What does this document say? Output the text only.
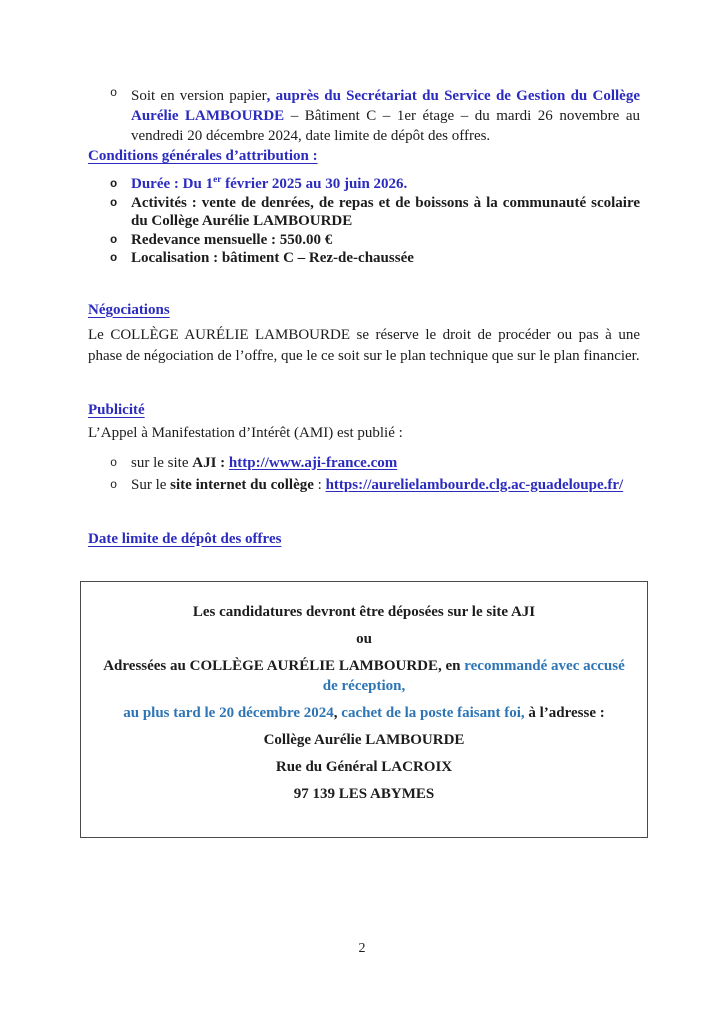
o Soit en version papier, auprès du Secrétariat du Service de Gestion du Collège Aurélie LAMBOURDE – Bâtiment C – 1er étage – du mardi 26 novembre au vendredi 20 décembre 2024, date limite de dépôt des offres.
Conditions générales d’attribution :
o Durée : Du 1er février 2025 au 30 juin 2026.
o Activités : vente de denrées, de repas et de boissons à la communauté scolaire du Collège Aurélie LAMBOURDE
o Redevance mensuelle : 550.00 €
o Localisation : bâtiment C – Rez-de-chaussée
Négociations

Le COLLÈGE AURÉLIE LAMBOURDE se réserve le droit de procéder ou pas à une phase de négociation de l’offre, que le ce soit sur le plan technique que sur le plan financier.

Publicité

L’Appel à Manifestation d’Intérêt (AMI) est publié :

o sur le site AJI : http://www.aji-france.com
o Sur le site internet du collège : https://aurelielambourde.clg.ac-guadeloupe.fr/
Date limite de dépôt des offres

Les candidatures devront être déposées sur le site AJI

ou

Adressées au COLLÈGE AURÉLIE LAMBOURDE, en recommandé avec accusé de réception,

au plus tard le 20 décembre 2024, cachet de la poste faisant foi, à l’adresse :

Collège Aurélie LAMBOURDE

Rue du Général LACROIX

97 139 LES ABYMES

2
